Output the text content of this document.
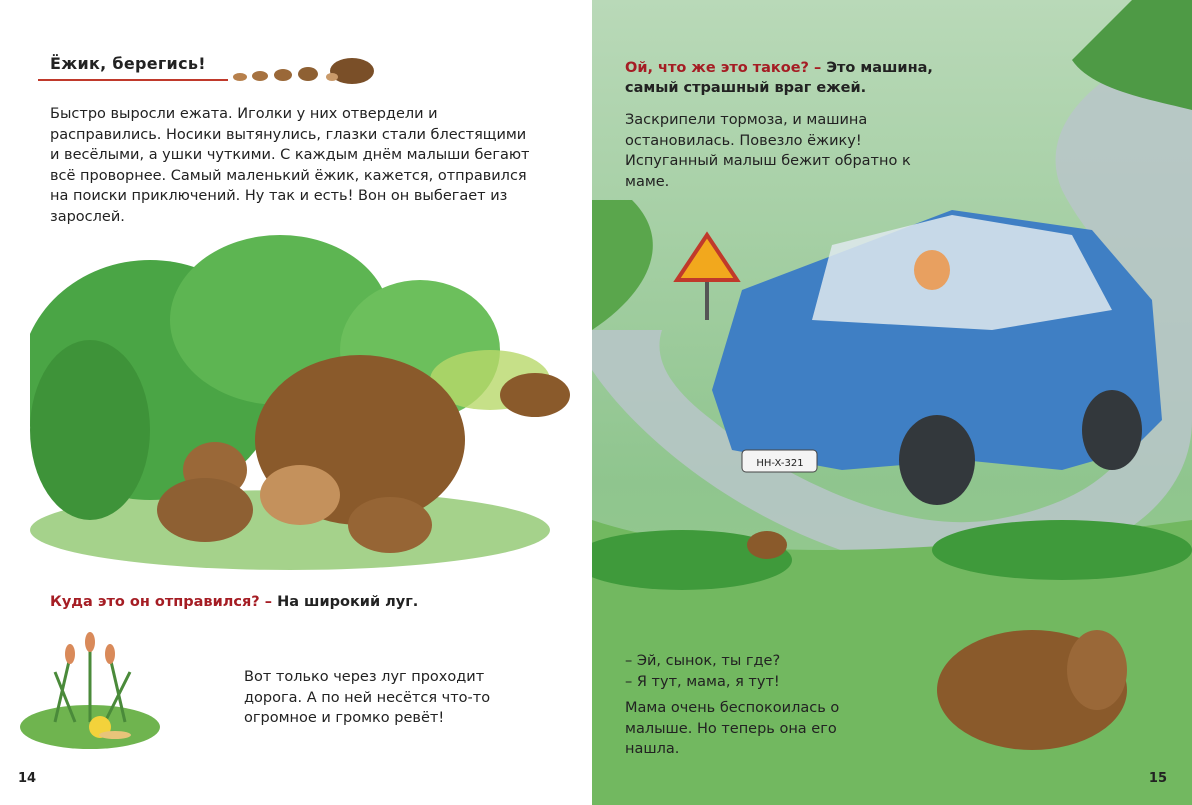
Ёжик, берегись!
Быстро выросли ежата. Иголки у них отвердели и расправились. Носики вытянулись, глазки стали блестящими и весёлыми, а ушки чуткими. С каждым днём малыши бегают всё проворнее. Самый маленький ёжик, кажется, отправился на поиски приключений. Ну так и есть! Вон он выбегает из зарослей.
Куда это он отправился? – На широкий луг.
Вот только через луг проходит дорога. А по ней несётся что-то огромное и громко ревёт!
14
HH-X-321
Ой, что же это такое? – Это машина, самый страшный враг ежей.
Заскрипели тормоза, и машина остановилась. Повезло ёжику! Испуганный малыш бежит обратно к маме.
– Эй, сынок, ты где?
– Я тут, мама, я тут!
Мама очень беспокоилась о малыше. Но теперь она его нашла.
15
